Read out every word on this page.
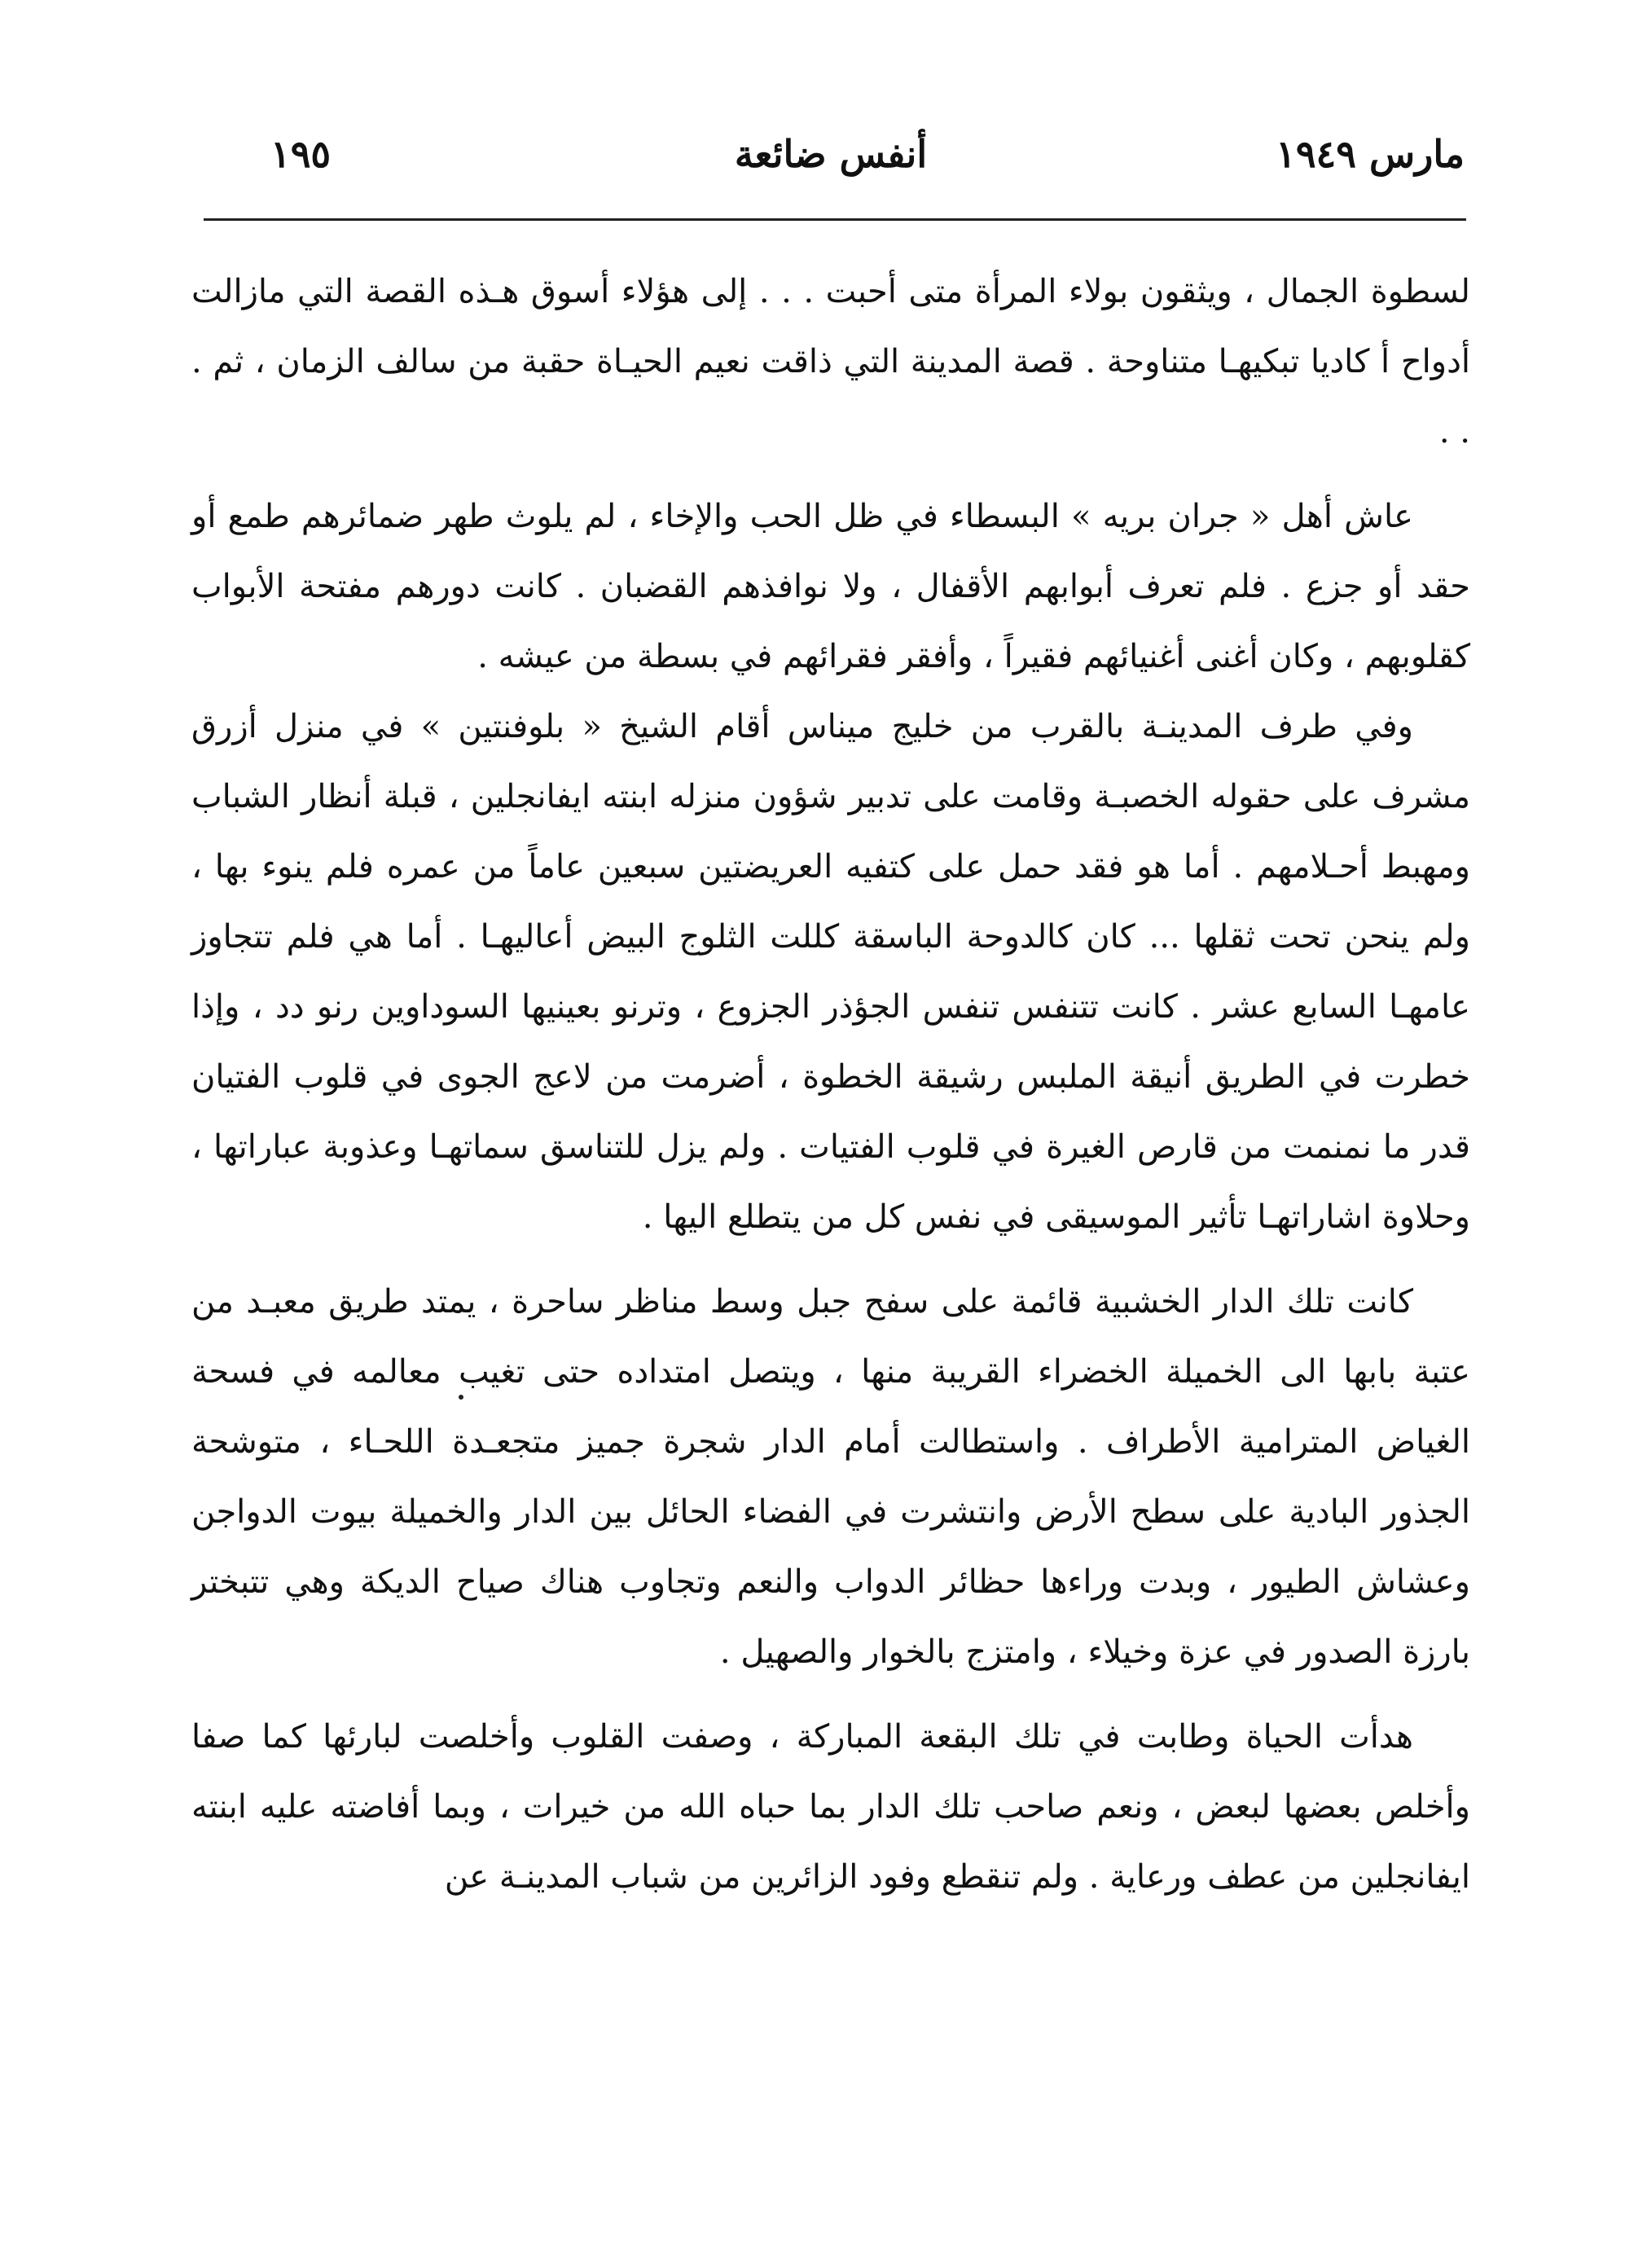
مارس ١٩٤٩
أنفس ضائعة
١٩٥

لسطوة الجمال ، ويثقون بولاء المرأة متى أحبت . . . إلى هؤلاء أسوق هـذه القصة التي مازالت أدواح أ كاديا تبكيهـا متناوحة . قصة المدينة التي ذاقت نعيم الحيـاة حقبة من سالف الزمان ، ثم . . .

عاش أهل « جران بريه » البسطاء في ظل الحب والإخاء ، لم يلوث طهر ضمائرهم طمع أو حقد أو جزع . فلم تعرف أبوابهم الأقفال ، ولا نوافذهم القضبان . كانت دورهم مفتحة الأبواب كقلوبهم ، وكان أغنى أغنيائهم فقيراً ، وأفقر فقرائهم في بسطة من عيشه .

وفي طرف المدينـة بالقرب من خليج ميناس أقام الشيخ « بلوفنتين » في منزل أزرق مشرف على حقوله الخصبـة وقامت على تدبير شؤون منزله ابنته ايفانجلين ، قبلة أنظار الشباب ومهبط أحـلامهم . أما هو فقد حمل على كتفيه العريضتين سبعين عاماً من عمره فلم ينوء بها ، ولم ينحن تحت ثقلها ... كان كالدوحة الباسقة كللت الثلوج البيض أعاليهـا . أما هي فلم تتجاوز عامهـا السابع عشر . كانت تتنفس تنفس الجؤذر الجزوع ، وترنو بعينيها السوداوين رنو دد ، وإذا خطرت في الطريق أنيقة الملبس رشيقة الخطوة ، أضرمت من لاعج الجوى في قلوب الفتيان قدر ما نمنمت من قارص الغيرة في قلوب الفتيات . ولم يزل للتناسق سماتهـا وعذوبة عباراتها ، وحلاوة اشاراتهـا تأثير الموسيقى في نفس كل من يتطلع اليها .

كانت تلك الدار الخشبية قائمة على سفح جبل وسط مناظر ساحرة ، يمتد طريق معبـد من عتبة بابها الى الخميلة الخضراء القريبة منها ، ويتصل امتداده حتى تغيب معالمه في فسحة الغياض المترامية الأطراف . واستطالت أمام الدار شجرة جميز متجعـدة اللحـاء ، متوشحة الجذور البادية على سطح الأرض وانتشرت في الفضاء الحائل بين الدار والخميلة بيوت الدواجن وعشاش الطيور ، وبدت وراءها حظائر الدواب والنعم وتجاوب هناك صياح الديكة وهي تتبختر بارزة الصدور في عزة وخيلاء ، وامتزج بالخوار والصهيل .

هدأت الحياة وطابت في تلك البقعة المباركة ، وصفت القلوب وأخلصت لبارئها كما صفا وأخلص بعضها لبعض ، ونعم صاحب تلك الدار بما حباه الله من خيرات ، وبما أفاضته عليه ابنته ايفانجلين من عطف ورعاية . ولم تنقطع وفود الزائرين من شباب المدينـة عن
